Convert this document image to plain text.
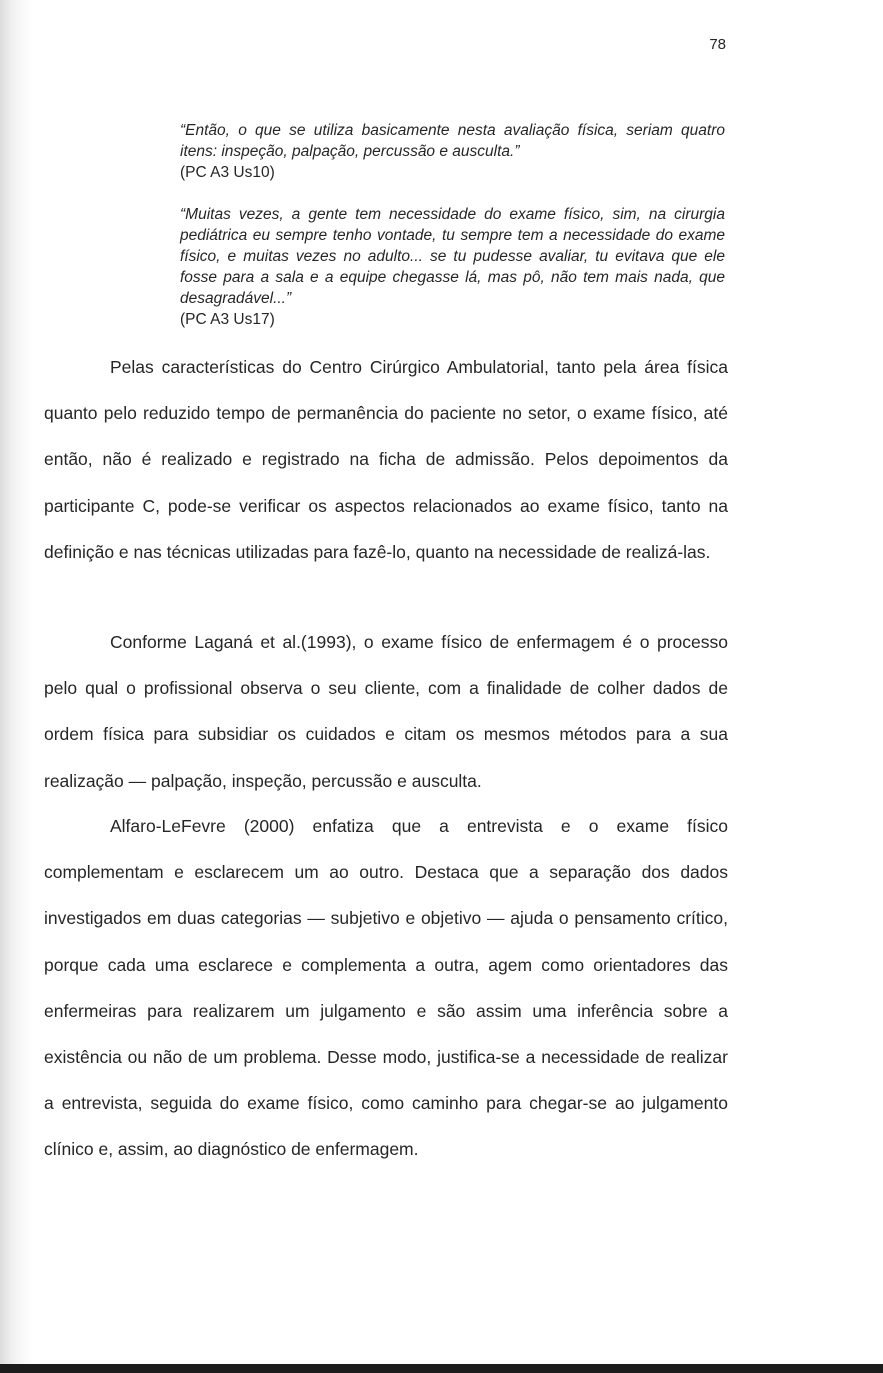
78
“Então, o que se utiliza basicamente nesta avaliação física, seriam quatro itens: inspeção, palpação, percussão e ausculta.”
(PC A3 Us10)
“Muitas vezes, a gente tem necessidade do exame físico, sim, na cirurgia pediátrica eu sempre tenho vontade, tu sempre tem a necessidade do exame físico, e muitas vezes no adulto... se tu pudesse avaliar, tu evitava que ele fosse para a sala e a equipe chegasse lá, mas pô, não tem mais nada, que desagradável...”
(PC A3 Us17)

Pelas características do Centro Cirúrgico Ambulatorial, tanto pela área física quanto pelo reduzido tempo de permanência do paciente no setor, o exame físico, até então, não é realizado e registrado na ficha de admissão. Pelos depoimentos da participante C, pode-se verificar os aspectos relacionados ao exame físico, tanto na definição e nas técnicas utilizadas para fazê-lo, quanto na necessidade de realizá-las.

Conforme Laganá et al.(1993), o exame físico de enfermagem é o processo pelo qual o profissional observa o seu cliente, com a finalidade de colher dados de ordem física para subsidiar os cuidados e citam os mesmos métodos para a sua realização — palpação, inspeção, percussão e ausculta.

Alfaro-LeFevre (2000) enfatiza que a entrevista e o exame físico complementam e esclarecem um ao outro. Destaca que a separação dos dados investigados em duas categorias — subjetivo e objetivo — ajuda o pensamento crítico, porque cada uma esclarece e complementa a outra, agem como orientadores das enfermeiras para realizarem um julgamento e são assim uma inferência sobre a existência ou não de um problema. Desse modo, justifica-se a necessidade de realizar a entrevista, seguida do exame físico, como caminho para chegar-se ao julgamento clínico e, assim, ao diagnóstico de enfermagem.
